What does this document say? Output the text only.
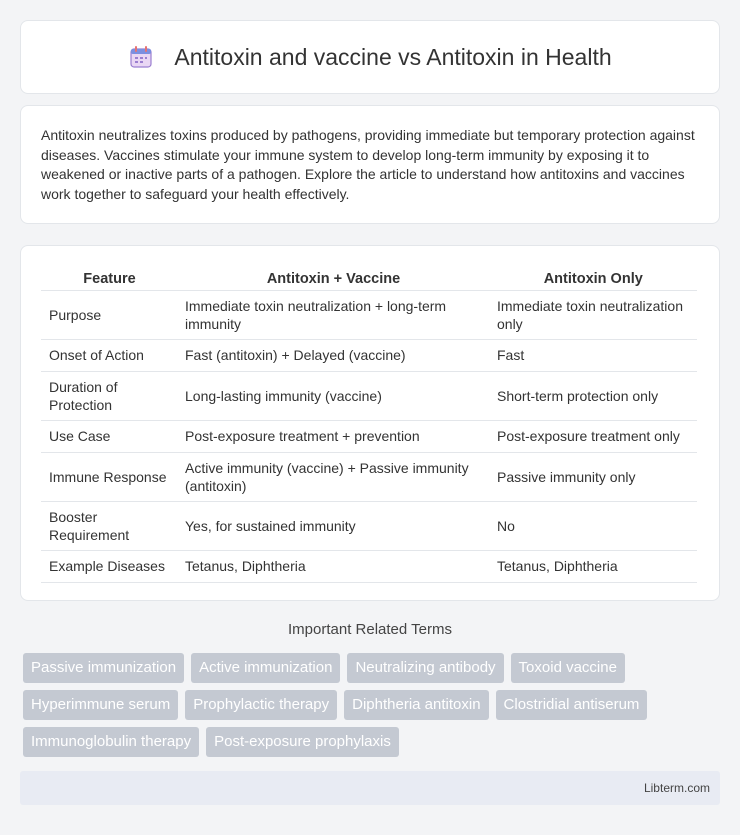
Antitoxin and vaccine vs Antitoxin in Health

Antitoxin neutralizes toxins produced by pathogens, providing immediate but temporary protection against diseases. Vaccines stimulate your immune system to develop long-term immunity by exposing it to weakened or inactive parts of a pathogen. Explore the article to understand how antitoxins and vaccines work together to safeguard your health effectively.

Feature	Antitoxin + Vaccine	Antitoxin Only
Purpose	Immediate toxin neutralization + long-term immunity	Immediate toxin neutralization only
Onset of Action	Fast (antitoxin) + Delayed (vaccine)	Fast
Duration of Protection	Long-lasting immunity (vaccine)	Short-term protection only
Use Case	Post-exposure treatment + prevention	Post-exposure treatment only
Immune Response	Active immunity (vaccine) + Passive immunity (antitoxin)	Passive immunity only
Booster Requirement	Yes, for sustained immunity	No
Example Diseases	Tetanus, Diphtheria	Tetanus, Diphtheria
Important Related Terms
Passive immunization	Active immunization	Neutralizing antibody	Toxoid vaccine
Hyperimmune serum	Prophylactic therapy	Diphtheria antitoxin	Clostridial antiserum
Immunoglobulin therapy	Post-exposure prophylaxis
Libterm.com
